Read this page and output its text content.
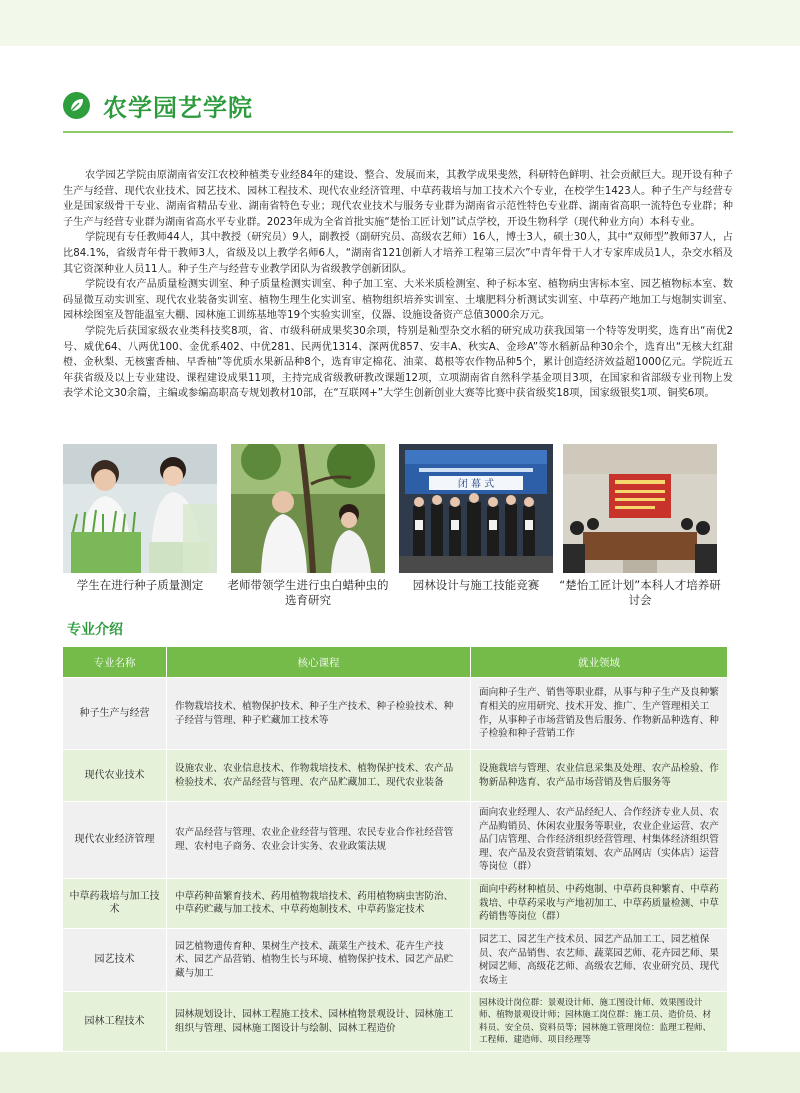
农学园艺学院

农学园艺学院由原湖南省安江农校种植类专业经84年的建设、整合、发展而来，其教学成果斐然，科研特色鲜明、社会贡献巨大。现开设有种子生产与经营、现代农业技术、园艺技术、园林工程技术、现代农业经济管理、中草药栽培与加工技术六个专业，在校学生1423人。种子生产与经营专业是国家级骨干专业、湖南省精品专业、湖南省特色专业；现代农业技术与服务专业群为湖南省示范性特色专业群、湖南省高职一流特色专业群；种子生产与经营专业群为湖南省高水平专业群。2023年成为全省首批实施“楚怡工匠计划”试点学校，开设生物科学（现代种业方向）本科专业。

学院现有专任教师44人，其中教授（研究员）9人，副教授（副研究员、高级农艺师）16人，博士3人，硕士30人，其中“双师型”教师37人，占比84.1%，省级青年骨干教师3人，省级及以上教学名师6人，“湖南省121创新人才培养工程第三层次”中青年骨干人才专家库成员1人，杂交水稻及其它资深种业人员11人。种子生产与经营专业教学团队为省级教学创新团队。

学院设有农产品质量检测实训室、种子质量检测实训室、种子加工室、大米米质检测室、种子标本室、植物病虫害标本室、园艺植物标本室、数码显微互动实训室、现代农业装备实训室、植物生理生化实训室、植物组织培养实训室、土壤肥料分析测试实训室、中草药产地加工与炮制实训室、园林绘图室及智能温室大棚、园林施工训练基地等19个实验实训室，仪器、设施设备资产总值3000余万元。

学院先后获国家级农业类科技奖8项，省、市级科研成果奖30余项，特别是籼型杂交水稻的研究成功获我国第一个特等发明奖，选育出“南优2号、威优64、八两优100、金优系402、中优281、民两优1314、深两优857、安丰A、秋实A、金珍A”等水稻新品种30余个，选育出“无核大红甜橙、金秋梨、无核蜜香柚、早香柚”等优质水果新品种8个，选育审定棉花、油菜、葛根等农作物品种5个，累计创造经济效益超1000亿元。学院近五年获省级及以上专业建设、课程建设成果11项，主持完成省级教研教改课题12项，立项湖南省自然科学基金项目3项，在国家和省部级专业刊物上发表学术论文30余篇，主编或参编高职高专规划教材10部，在“互联网+”大学生创新创业大赛等比赛中获省级奖18项，国家级银奖1项、铜奖6项。

学生在进行种子质量测定	老师带领学生进行虫白蜡种虫的选育研究
闭 幕 式
园林设计与施工技能竞赛	“楚怡工匠计划”本科人才培养研讨会
专业介绍
专业名称	核心课程	就业领域
种子生产与经营	作物栽培技术、植物保护技术、种子生产技术、种子检验技术、种子经营与管理、种子贮藏加工技术等	面向种子生产、销售等职业群，从事与种子生产及良种繁育相关的应用研究、技术开发、推广、生产管理相关工作，从事种子市场营销及售后服务、作物新品种选育、种子检验和种子营销工作
现代农业技术	设施农业、农业信息技术、作物栽培技术、植物保护技术、农产品检验技术、农产品经营与管理、农产品贮藏加工、现代农业装备	设施栽培与管理、农业信息采集及处理、农产品检验、作物新品种选育、农产品市场营销及售后服务等
现代农业经济管理	农产品经营与管理、农业企业经营与管理、农民专业合作社经营管理、农村电子商务、农业会计实务、农业政策法规	面向农业经理人、农产品经纪人、合作经济专业人员、农产品购销员、休闲农业服务等职业，农业企业运营、农产品门店管理、合作经济组织经营管理、村集体经济组织管理、农产品及农资营销策划、农产品网店（实体店）运营等岗位（群）
中草药栽培与加工技术	中草药种苗繁育技术、药用植物栽培技术、药用植物病虫害防治、中草药贮藏与加工技术、中草药炮制技术、中草药鉴定技术	面向中药材种植员、中药炮制、中草药良种繁育、中草药栽培、中草药采收与产地初加工、中草药质量检测、中草药销售等岗位（群）
园艺技术	园艺植物遗传育种、果树生产技术、蔬菜生产技术、花卉生产技术、园艺产品营销、植物生长与环境、植物保护技术、园艺产品贮藏与加工	园艺工、园艺生产技术员、园艺产品加工工、园艺植保员、农产品销售、农艺师、蔬菜园艺师、花卉园艺师、果树园艺师、高级花艺师、高级农艺师、农业研究员、现代农场主
园林工程技术	园林规划设计、园林工程施工技术、园林植物景观设计、园林施工组织与管理、园林施工图设计与绘制、园林工程造价	园林设计岗位群：景观设计师、施工图设计师、效果图设计师、植物景观设计师；园林施工岗位群：施工员、造价员、材料员、安全员、资料员等；园林施工管理岗位：监理工程师、工程师、建造师、项目经理等
